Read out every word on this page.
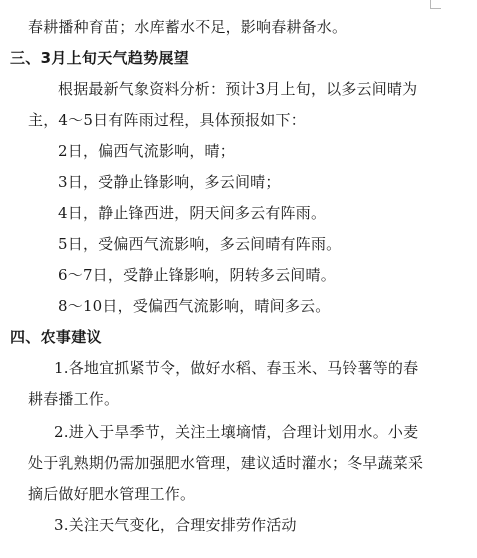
春耕播种育苗；水库蓄水不足，影响春耕备水。
三、3月上旬天气趋势展望
根据最新气象资料分析：预计3月上旬，以多云间晴为
主，4～5日有阵雨过程，具体预报如下：
2日，偏西气流影响，晴；
3日，受静止锋影响，多云间晴；
4日，静止锋西进，阴天间多云有阵雨。
5日，受偏西气流影响，多云间晴有阵雨。
6～7日，受静止锋影响，阴转多云间晴。
8～10日，受偏西气流影响，晴间多云。
四、农事建议
1.各地宜抓紧节令，做好水稻、春玉米、马铃薯等的春
耕春播工作。
2.进入于旱季节，关注土壤墒情，合理计划用水。小麦
处于乳熟期仍需加强肥水管理，建议适时灌水；冬早蔬菜采
摘后做好肥水管理工作。
3.关注天气变化，合理安排劳作活动
